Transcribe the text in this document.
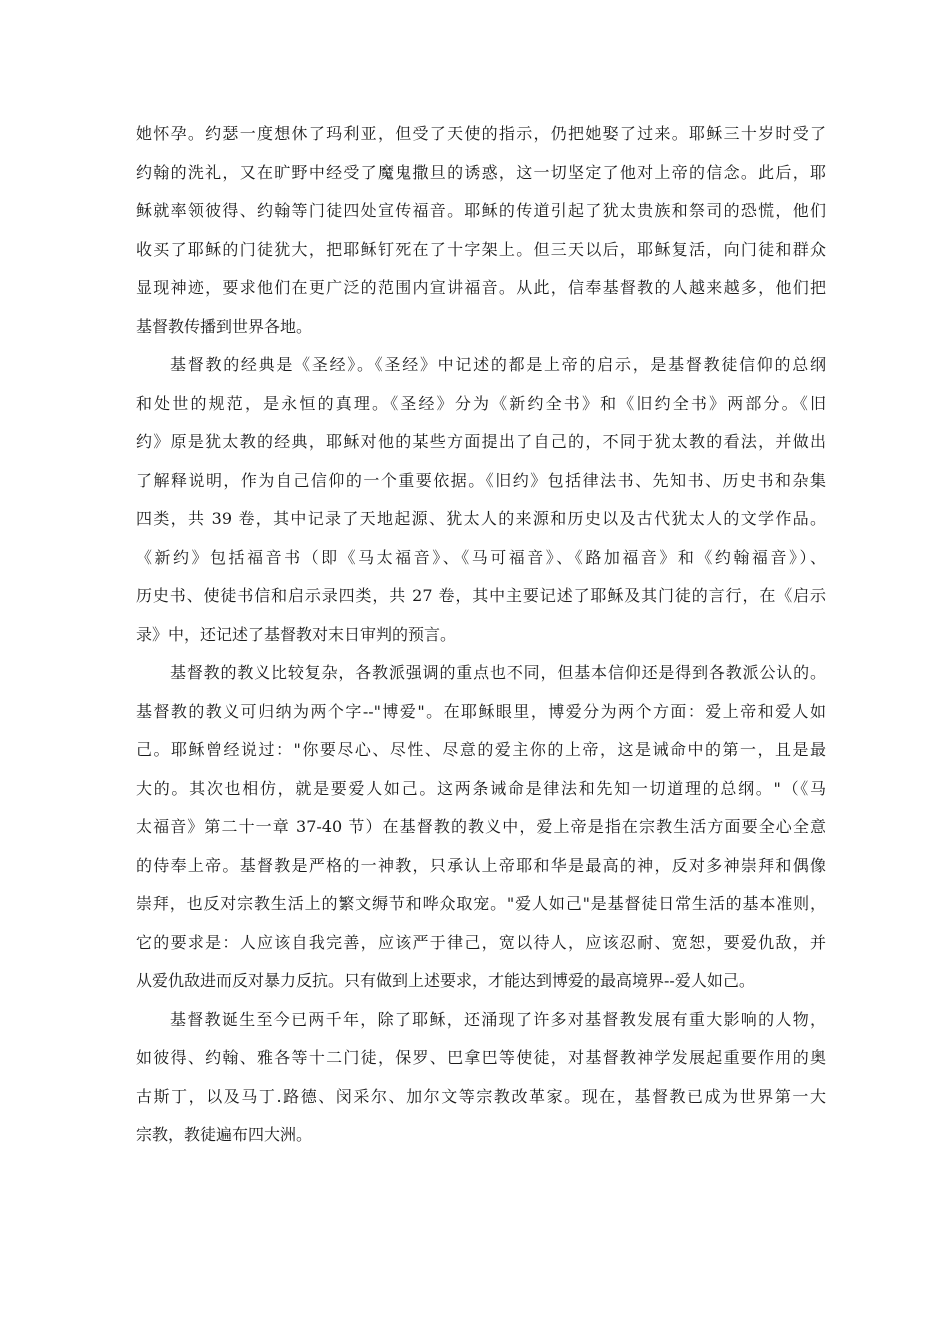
她怀孕。约瑟一度想休了玛利亚，但受了天使的指示，仍把她娶了过来。耶稣三十岁时受了
约翰的洗礼，又在旷野中经受了魔鬼撒旦的诱惑，这一切坚定了他对上帝的信念。此后，耶
稣就率领彼得、约翰等门徒四处宣传福音。耶稣的传道引起了犹太贵族和祭司的恐慌，他们
收买了耶稣的门徒犹大，把耶稣钉死在了十字架上。但三天以后，耶稣复活，向门徒和群众
显现神迹，要求他们在更广泛的范围内宣讲福音。从此，信奉基督教的人越来越多，他们把
基督教传播到世界各地。
基督教的经典是《圣经》。《圣经》中记述的都是上帝的启示，是基督教徒信仰的总纲
和处世的规范，是永恒的真理。《圣经》分为《新约全书》和《旧约全书》两部分。《旧
约》原是犹太教的经典，耶稣对他的某些方面提出了自己的，不同于犹太教的看法，并做出
了解释说明，作为自己信仰的一个重要依据。《旧约》包括律法书、先知书、历史书和杂集
四类，共 39 卷，其中记录了天地起源、犹太人的来源和历史以及古代犹太人的文学作品。
《新约》包括福音书（即《马太福音》、《马可福音》、《路加福音》和《约翰福音》）、
历史书、使徒书信和启示录四类，共 27 卷，其中主要记述了耶稣及其门徒的言行，在《启示
录》中，还记述了基督教对末日审判的预言。
基督教的教义比较复杂，各教派强调的重点也不同，但基本信仰还是得到各教派公认的。
基督教的教义可归纳为两个字--"博爱"。在耶稣眼里，博爱分为两个方面：爱上帝和爱人如
己。耶稣曾经说过："你要尽心、尽性、尽意的爱主你的上帝，这是诫命中的第一，且是最
大的。其次也相仿，就是要爱人如己。这两条诫命是律法和先知一切道理的总纲。"（《马
太福音》第二十一章 37-40 节）在基督教的教义中，爱上帝是指在宗教生活方面要全心全意
的侍奉上帝。基督教是严格的一神教，只承认上帝耶和华是最高的神，反对多神崇拜和偶像
崇拜，也反对宗教生活上的繁文缛节和哗众取宠。"爱人如己"是基督徒日常生活的基本准则，
它的要求是：人应该自我完善，应该严于律己，宽以待人，应该忍耐、宽恕，要爱仇敌，并
从爱仇敌进而反对暴力反抗。只有做到上述要求，才能达到博爱的最高境界--爱人如己。
基督教诞生至今已两千年，除了耶稣，还涌现了许多对基督教发展有重大影响的人物，
如彼得、约翰、雅各等十二门徒，保罗、巴拿巴等使徒，对基督教神学发展起重要作用的奥
古斯丁，以及马丁.路德、闵采尔、加尔文等宗教改革家。现在，基督教已成为世界第一大
宗教，教徒遍布四大洲。
